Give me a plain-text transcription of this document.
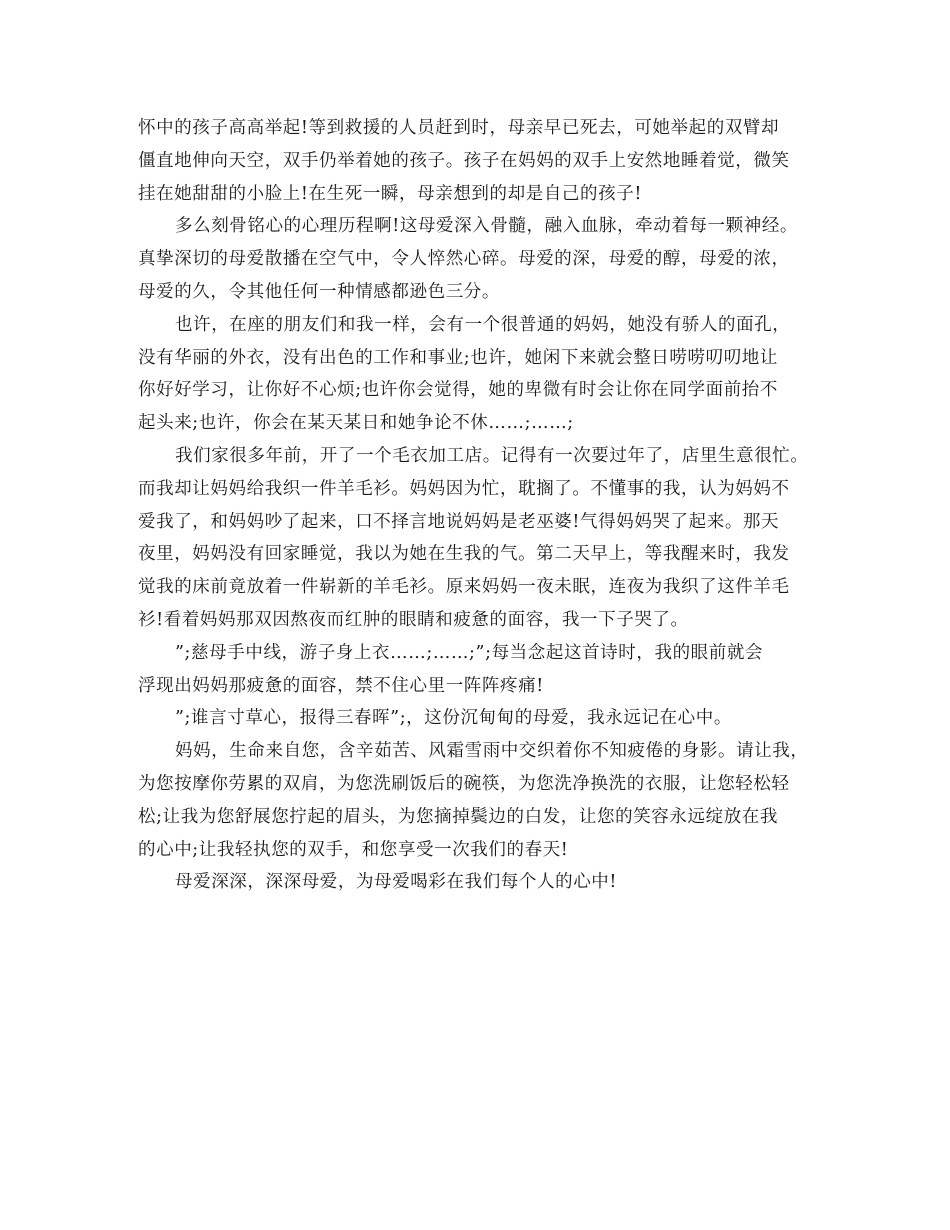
怀中的孩子高高举起!等到救援的人员赶到时，母亲早已死去，可她举起的双臂却
僵直地伸向天空，双手仍举着她的孩子。孩子在妈妈的双手上安然地睡着觉，微笑
挂在她甜甜的小脸上!在生死一瞬，母亲想到的却是自己的孩子!
多么刻骨铭心的心理历程啊!这母爱深入骨髓，融入血脉，牵动着每一颗神经。
真挚深切的母爱散播在空气中，令人悴然心碎。母爱的深，母爱的醇，母爱的浓，
母爱的久，令其他任何一种情感都逊色三分。
也许，在座的朋友们和我一样，会有一个很普通的妈妈，她没有骄人的面孔，
没有华丽的外衣，没有出色的工作和事业;也许，她闲下来就会整日唠唠叨叨地让
你好好学习，让你好不心烦;也许你会觉得，她的卑微有时会让你在同学面前抬不
起头来;也许，你会在某天某日和她争论不休……;……;
我们家很多年前，开了一个毛衣加工店。记得有一次要过年了，店里生意很忙。
而我却让妈妈给我织一件羊毛衫。妈妈因为忙，耽搁了。不懂事的我，认为妈妈不
爱我了，和妈妈吵了起来，口不择言地说妈妈是老巫婆!气得妈妈哭了起来。那天
夜里，妈妈没有回家睡觉，我以为她在生我的气。第二天早上，等我醒来时，我发
觉我的床前竟放着一件崭新的羊毛衫。原来妈妈一夜未眠，连夜为我织了这件羊毛
衫!看着妈妈那双因熬夜而红肿的眼睛和疲惫的面容，我一下子哭了。
”;慈母手中线，游子身上衣……;……;”;每当念起这首诗时，我的眼前就会
浮现出妈妈那疲惫的面容，禁不住心里一阵阵疼痛!
”;谁言寸草心，报得三春晖”;，这份沉甸甸的母爱，我永远记在心中。
妈妈，生命来自您，含辛茹苦、风霜雪雨中交织着你不知疲倦的身影。请让我，
为您按摩你劳累的双肩，为您洗刷饭后的碗筷，为您洗净换洗的衣服，让您轻松轻
松;让我为您舒展您拧起的眉头，为您摘掉鬓边的白发，让您的笑容永远绽放在我
的心中;让我轻执您的双手，和您享受一次我们的春天!
母爱深深，深深母爱，为母爱喝彩在我们每个人的心中!
